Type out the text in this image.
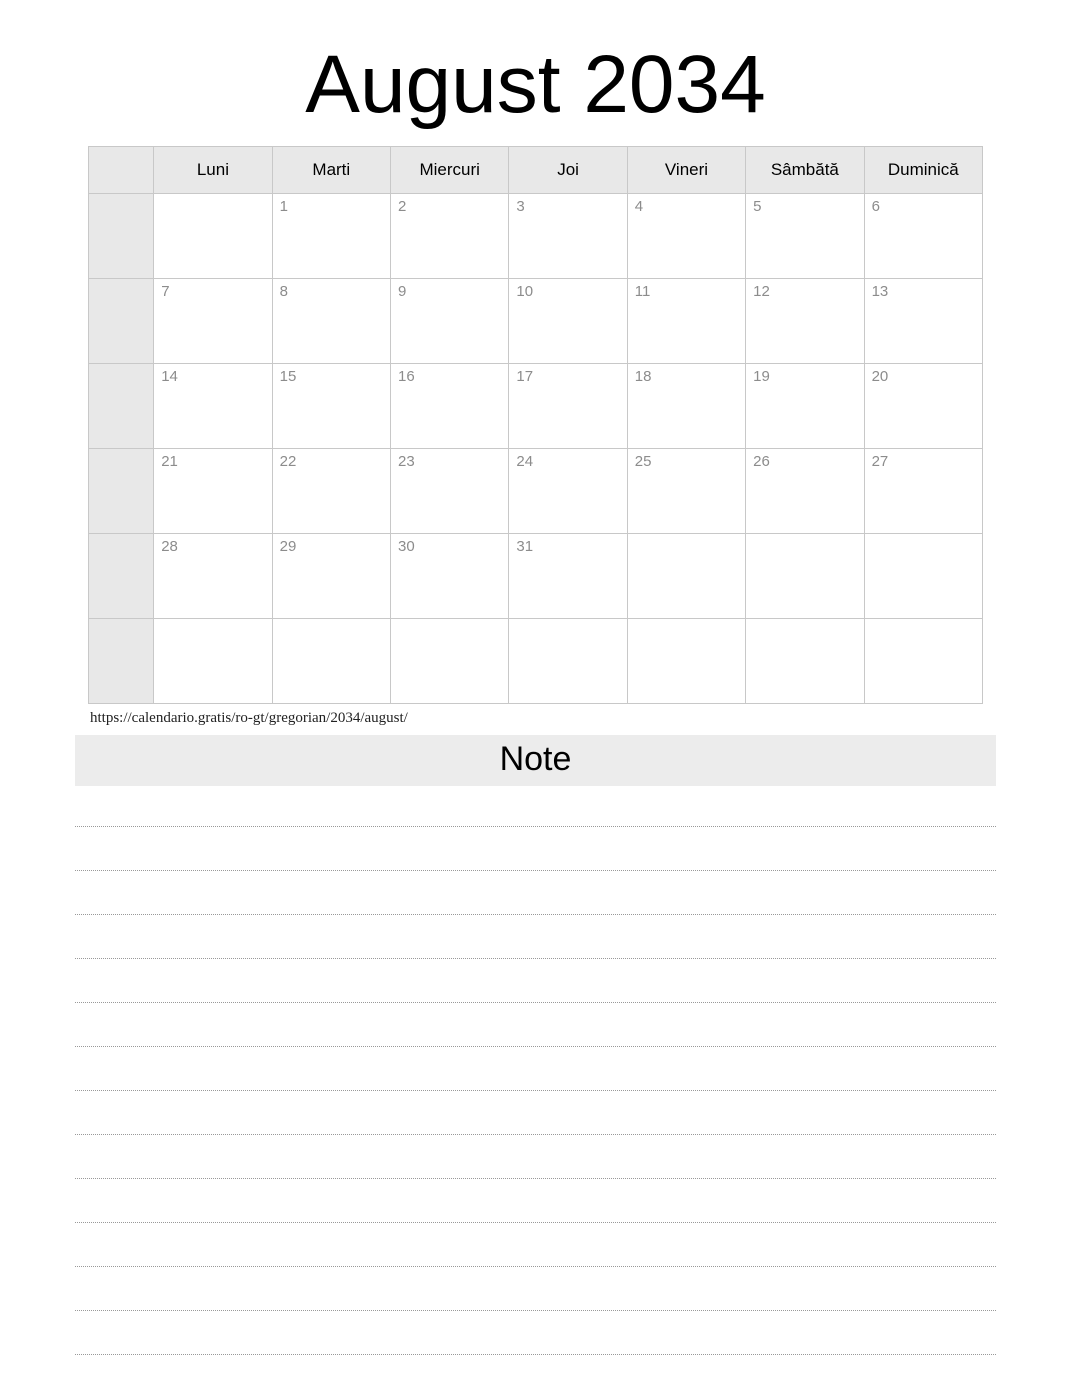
August 2034
	Luni	Marti	Miercuri	Joi	Vineri	Sâmbătă	Duminică

		1	2	3	4	5	6

	7	8	9	10	11	12	13

	14	15	16	17	18	19	20

	21	22	23	24	25	26	27

	28	29	30	31			

https://calendario.gratis/ro-gt/gregorian/2034/august/
Note
